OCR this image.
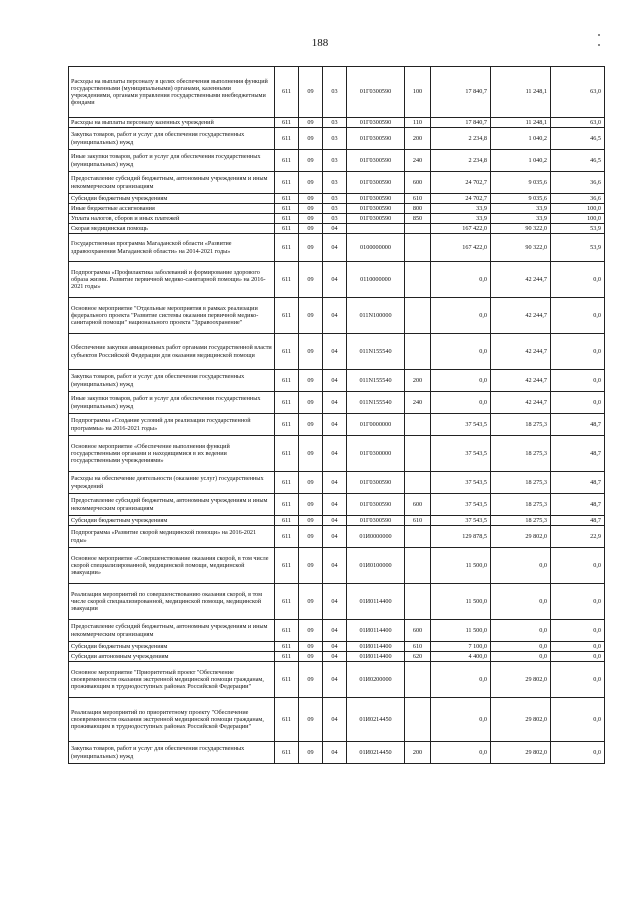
188
Расходы на выплаты персоналу в целях обеспечения выполнения функций государственными (муниципальными) органами, казенными учреждениями, органами управления государственными внебюджетными фондами	611	09	03	01Г0300590	100	17 840,7	11 248,1	63,0
Расходы на выплаты персоналу казенных учреждений	611	09	03	01Г0300590	110	17 840,7	11 248,1	63,0
Закупка товаров, работ и услуг для обеспечения государственных (муниципальных) нужд	611	09	03	01Г0300590	200	2 234,8	1 040,2	46,5
Иные закупки товаров, работ и услуг для обеспечения государственных (муниципальных) нужд	611	09	03	01Г0300590	240	2 234,8	1 040,2	46,5
Предоставление субсидий бюджетным, автономным учреждениям и иным некоммерческим организациям	611	09	03	01Г0300590	600	24 702,7	9 035,6	36,6
Субсидии бюджетным учреждениям	611	09	03	01Г0300590	610	24 702,7	9 035,6	36,6
Иные бюджетные ассигнования	611	09	03	01Г0300590	800	33,9	33,9	100,0
Уплата налогов, сборов и иных платежей	611	09	03	01Г0300590	850	33,9	33,9	100,0
Скорая медицинская помощь	611	09	04			167 422,0	90 322,0	53,9
Государственная программа Магаданской области «Развитие здравоохранения Магаданской области» на 2014-2021 годы»	611	09	04	0100000000		167 422,0	90 322,0	53,9
Подпрограмма «Профилактика заболеваний и формирование здорового образа жизни. Развитие первичной медико-санитарной помощи» на 2016-2021 годы»	611	09	04	0110000000		0,0	42 244,7	0,0
Основное мероприятие "Отдельные мероприятия в рамках реализации федерального проекта "Развитие системы оказания первичной медико-санитарной помощи" национального проекта "Здравоохранение"	611	09	04	011N100000		0,0	42 244,7	0,0
Обеспечение закупки авиационных работ органами государственной власти субъектов Российской Федерации для оказания медицинской помощи	611	09	04	011N155540		0,0	42 244,7	0,0
Закупка товаров, работ и услуг для обеспечения государственных (муниципальных) нужд	611	09	04	011N155540	200	0,0	42 244,7	0,0
Иные закупки товаров, работ и услуг для обеспечения государственных (муниципальных) нужд	611	09	04	011N155540	240	0,0	42 244,7	0,0
Подпрограмма «Создание условий для реализации государственной программы» на 2016-2021 годы»	611	09	04	01Г0000000		37 543,5	18 275,3	48,7
Основное мероприятие «Обеспечение выполнения функций государственными органами и находящимися в их ведении государственными учреждениями»	611	09	04	01Г0300000		37 543,5	18 275,3	48,7
Расходы на обеспечение деятельности (оказание услуг) государственных учреждений	611	09	04	01Г0300590		37 543,5	18 275,3	48,7
Предоставление субсидий бюджетным, автономным учреждениям и иным некоммерческим организациям	611	09	04	01Г0300590	600	37 543,5	18 275,3	48,7
Субсидии бюджетным учреждениям	611	09	04	01Г0300590	610	37 543,5	18 275,3	48,7
Подпрограмма «Развитие скорой медицинской помощи» на 2016-2021 годы»	611	09	04	01И0000000		129 878,5	29 802,0	22,9
Основное мероприятие «Совершенствование оказания скорой, в том числе скорой специализированной, медицинской помощи, медицинской эвакуации»	611	09	04	01И0100000		11 500,0	0,0	0,0
Реализация мероприятий по совершенствованию оказания скорой, в том числе скорой специализированной, медицинской помощи, медицинской эвакуации	611	09	04	01И0114400		11 500,0	0,0	0,0
Предоставление субсидий бюджетным, автономным учреждениям и иным некоммерческим организациям	611	09	04	01И0114400	600	11 500,0	0,0	0,0
Субсидии бюджетным учреждениям	611	09	04	01И0114400	610	7 100,0	0,0	0,0
Субсидии автономным учреждениям	611	09	04	01И0114400	620	4 400,0	0,0	0,0
Основное мероприятие "Приоритетный проект "Обеспечение своевременности оказания экстренной медицинской помощи гражданам, проживающим в труднодоступных районах Российской Федерации"	611	09	04	01И0200000		0,0	29 802,0	0,0
Реализация мероприятий по приоритетному проекту "Обеспечение своевременности оказания экстренной медицинской помощи гражданам, проживающим в труднодоступных районах Российской Федерации"	611	09	04	01И0214450		0,0	29 802,0	0,0
Закупка товаров, работ и услуг для обеспечения государственных (муниципальных) нужд	611	09	04	01И0214450	200	0,0	29 802,0	0,0
